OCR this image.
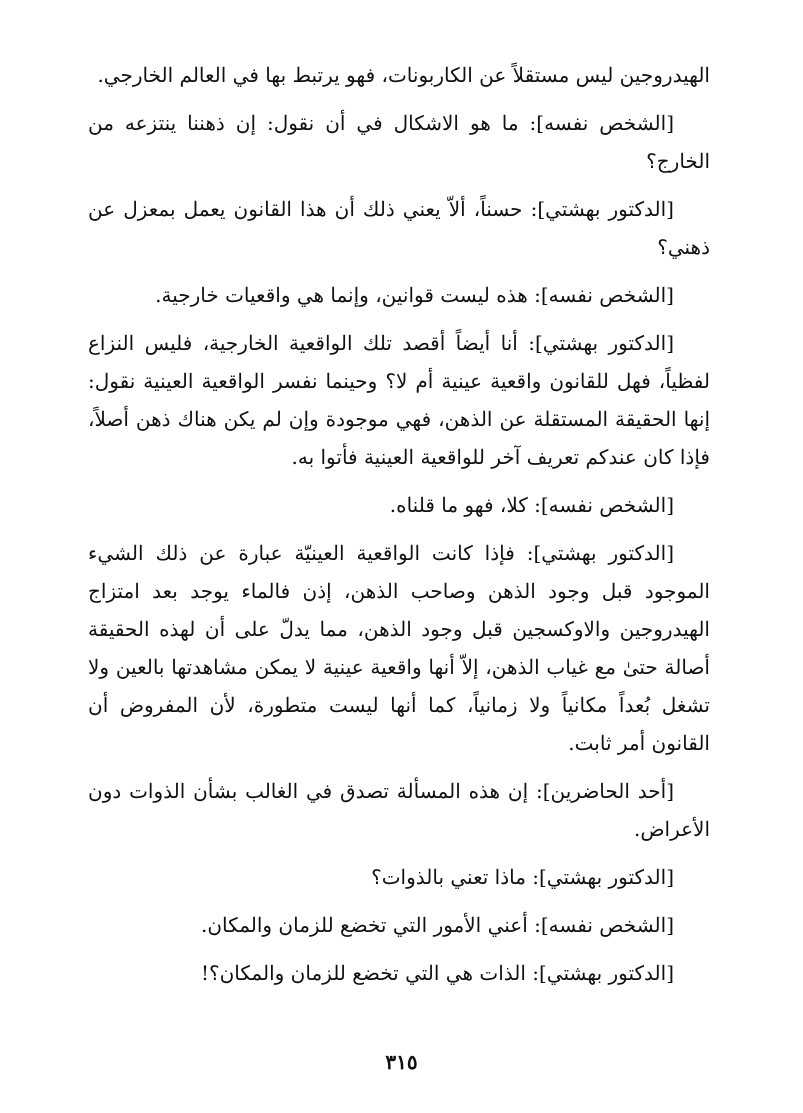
الهيدروجين ليس مستقلاً عن الكاربونات، فهو يرتبط بها في العالم الخارجي.

[الشخص نفسه]: ما هو الاشكال في أن نقول: إن ذهننا ينتزعه من الخارج؟

[الدكتور بهشتي]: حسناً، ألاّ يعني ذلك أن هذا القانون يعمل بمعزل عن ذهني؟

[الشخص نفسه]: هذه ليست قوانين، وإنما هي واقعيات خارجية.

[الدكتور بهشتي]: أنا أيضاً أقصد تلك الواقعية الخارجية، فليس النزاع لفظياً، فهل للقانون واقعية عينية أم لا؟ وحينما نفسر الواقعية العينية نقول: إنها الحقيقة المستقلة عن الذهن، فهي موجودة وإن لم يكن هناك ذهن أصلاً، فإذا كان عندكم تعريف آخر للواقعية العينية فأتوا به.

[الشخص نفسه]: كلا، فهو ما قلناه.

[الدكتور بهشتي]: فإذا كانت الواقعية العينيّة عبارة عن ذلك الشيء الموجود قبل وجود الذهن وصاحب الذهن، إذن فالماء يوجد بعد امتزاج الهيدروجين والاوكسجين قبل وجود الذهن، مما يدلّ على أن لهذه الحقيقة أصالة حتىٰ مع غياب الذهن، إلاّ أنها واقعية عينية لا يمكن مشاهدتها بالعين ولا تشغل بُعداً مكانياً ولا زمانياً، كما أنها ليست متطورة، لأن المفروض أن القانون أمر ثابت.

[أحد الحاضرين]: إن هذه المسألة تصدق في الغالب بشأن الذوات دون الأعراض.

[الدكتور بهشتي]: ماذا تعني بالذوات؟

[الشخص نفسه]: أعني الأمور التي تخضع للزمان والمكان.

[الدكتور بهشتي]: الذات هي التي تخضع للزمان والمكان؟!

٣١٥
